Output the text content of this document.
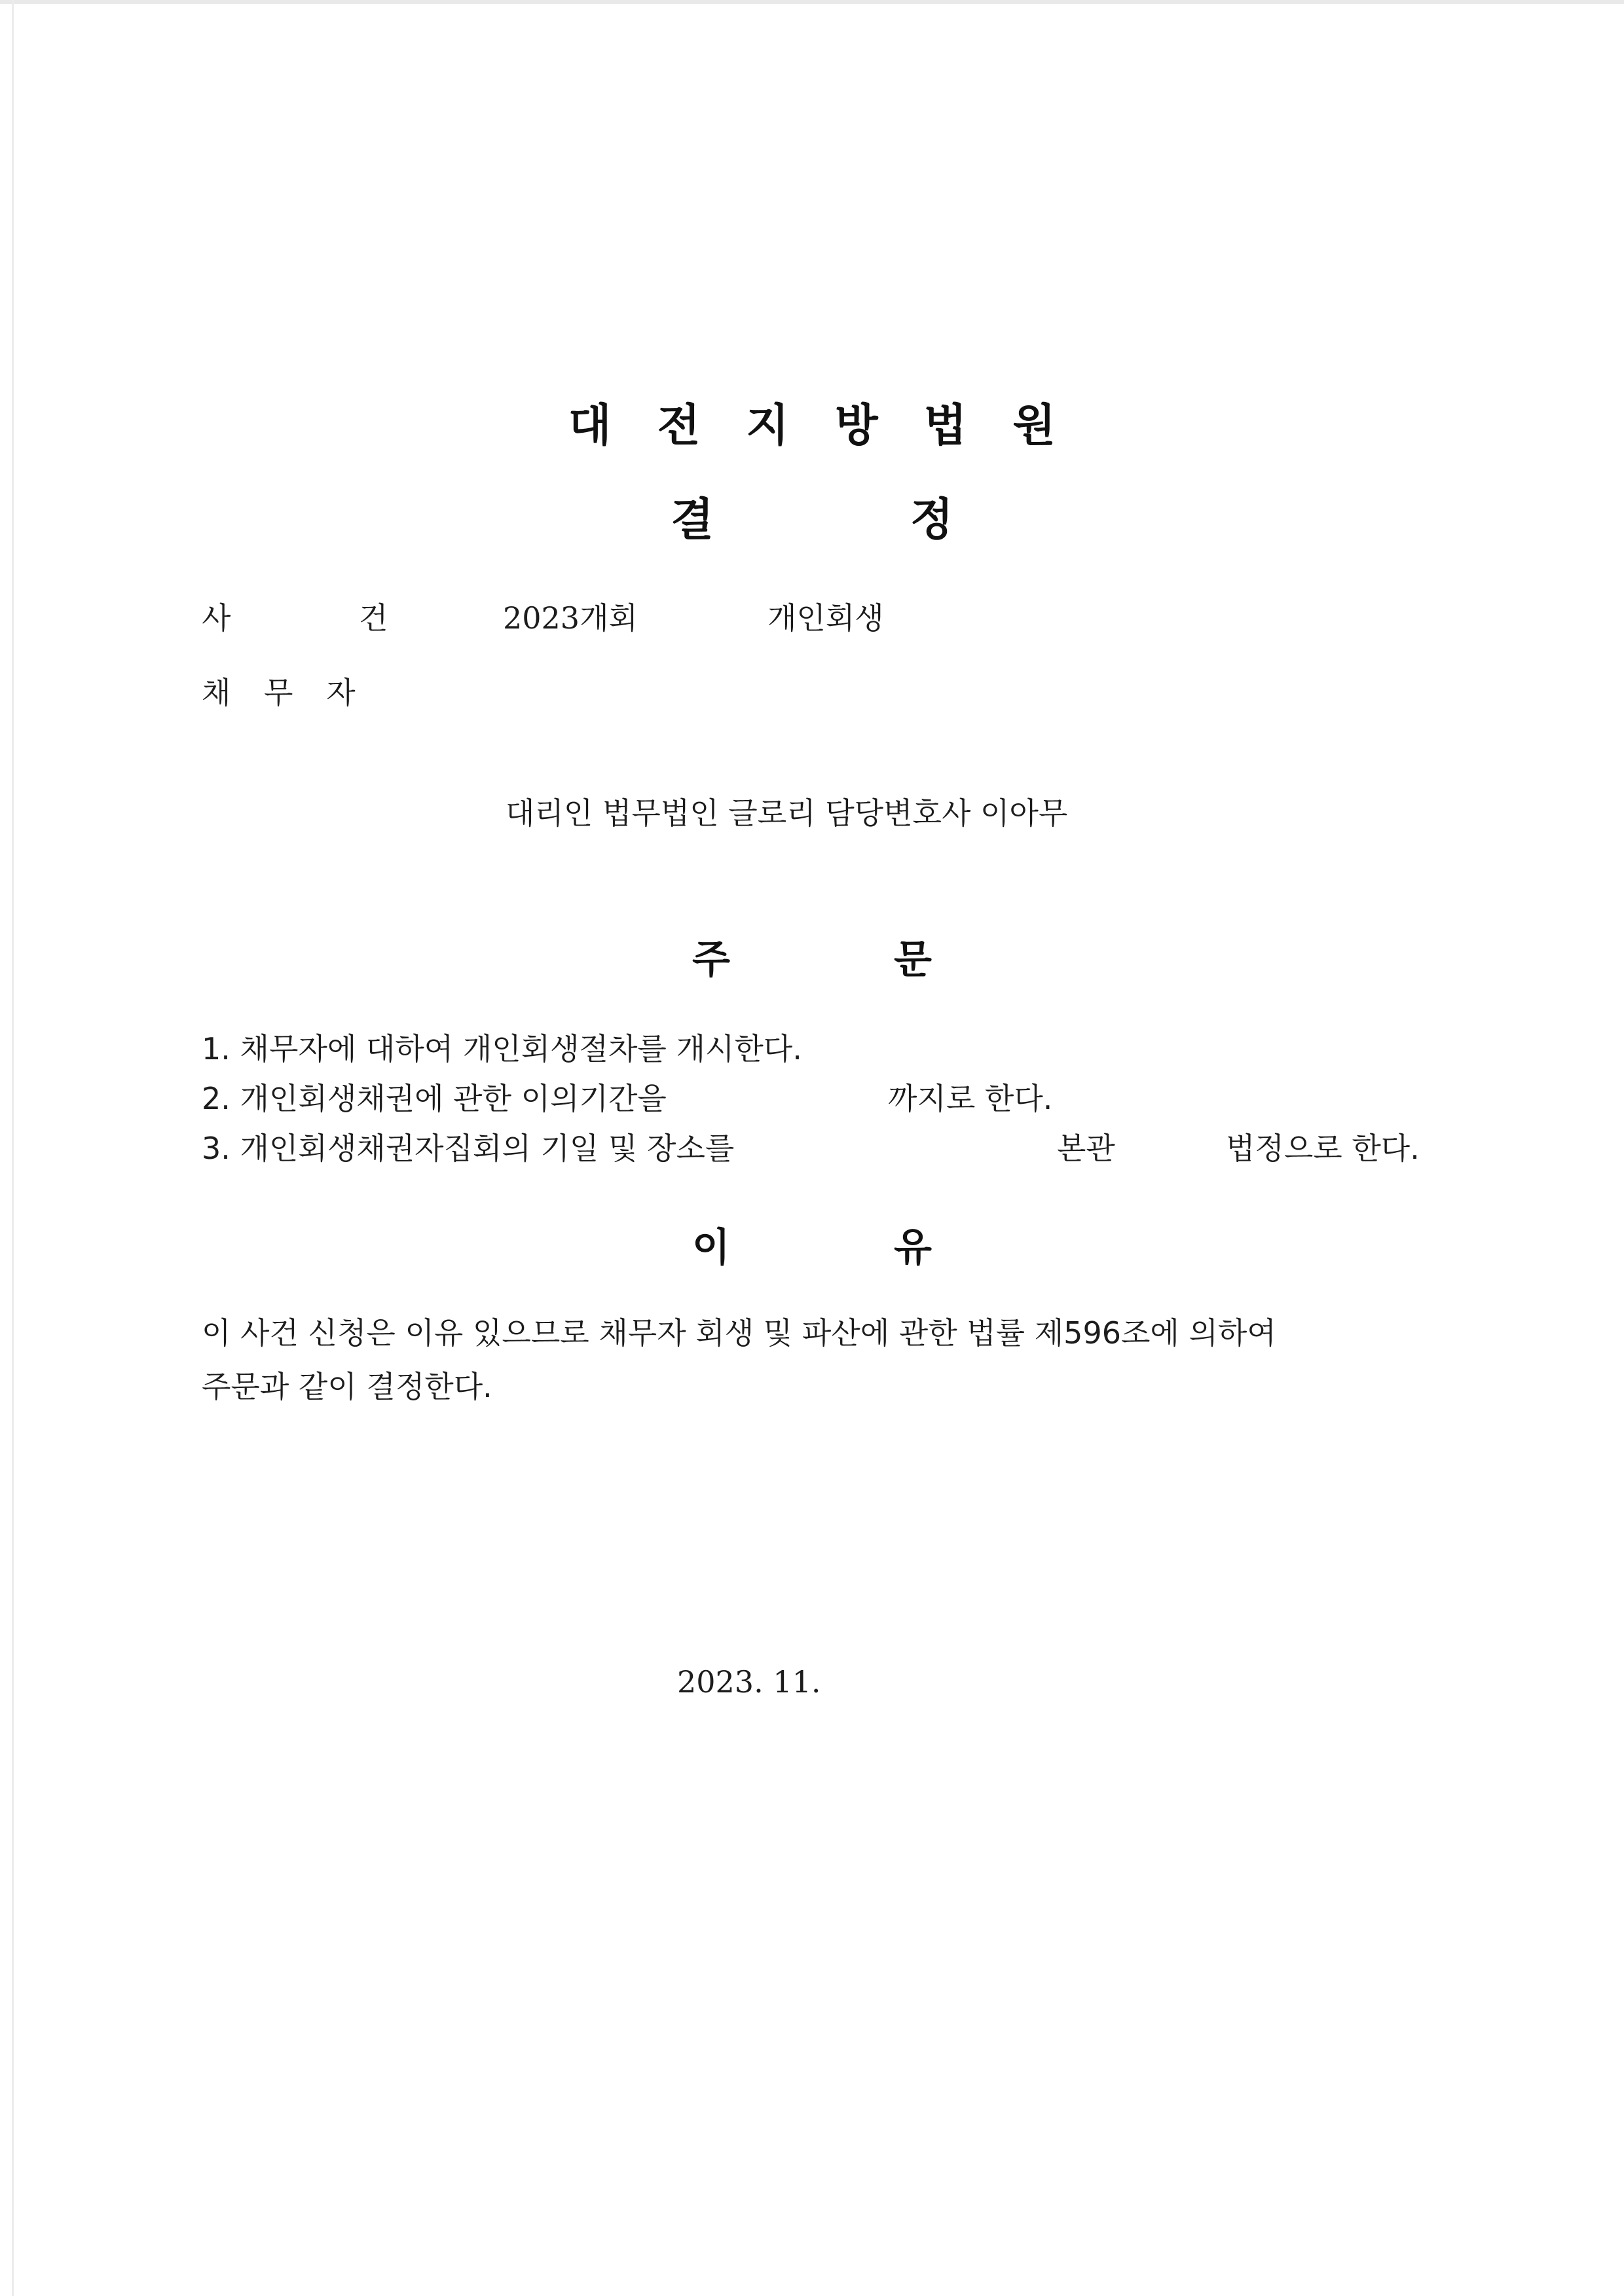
대전지방법원
결정
사	건	2023개회	개인회생
채무자
대리인 법무법인 글로리 담당변호사 이아무
주문
1. 채무자에 대하여 개인회생절차를 개시한다.
2. 개인회생채권에 관한 이의기간을	까지로 한다.
3. 개인회생채권자집회의 기일 및 장소를	본관	법정으로 한다.
이유
이 사건 신청은 이유 있으므로 채무자 회생 및 파산에 관한 법률 제596조에 의하여
주문과 같이 결정한다.
2023. 11.
